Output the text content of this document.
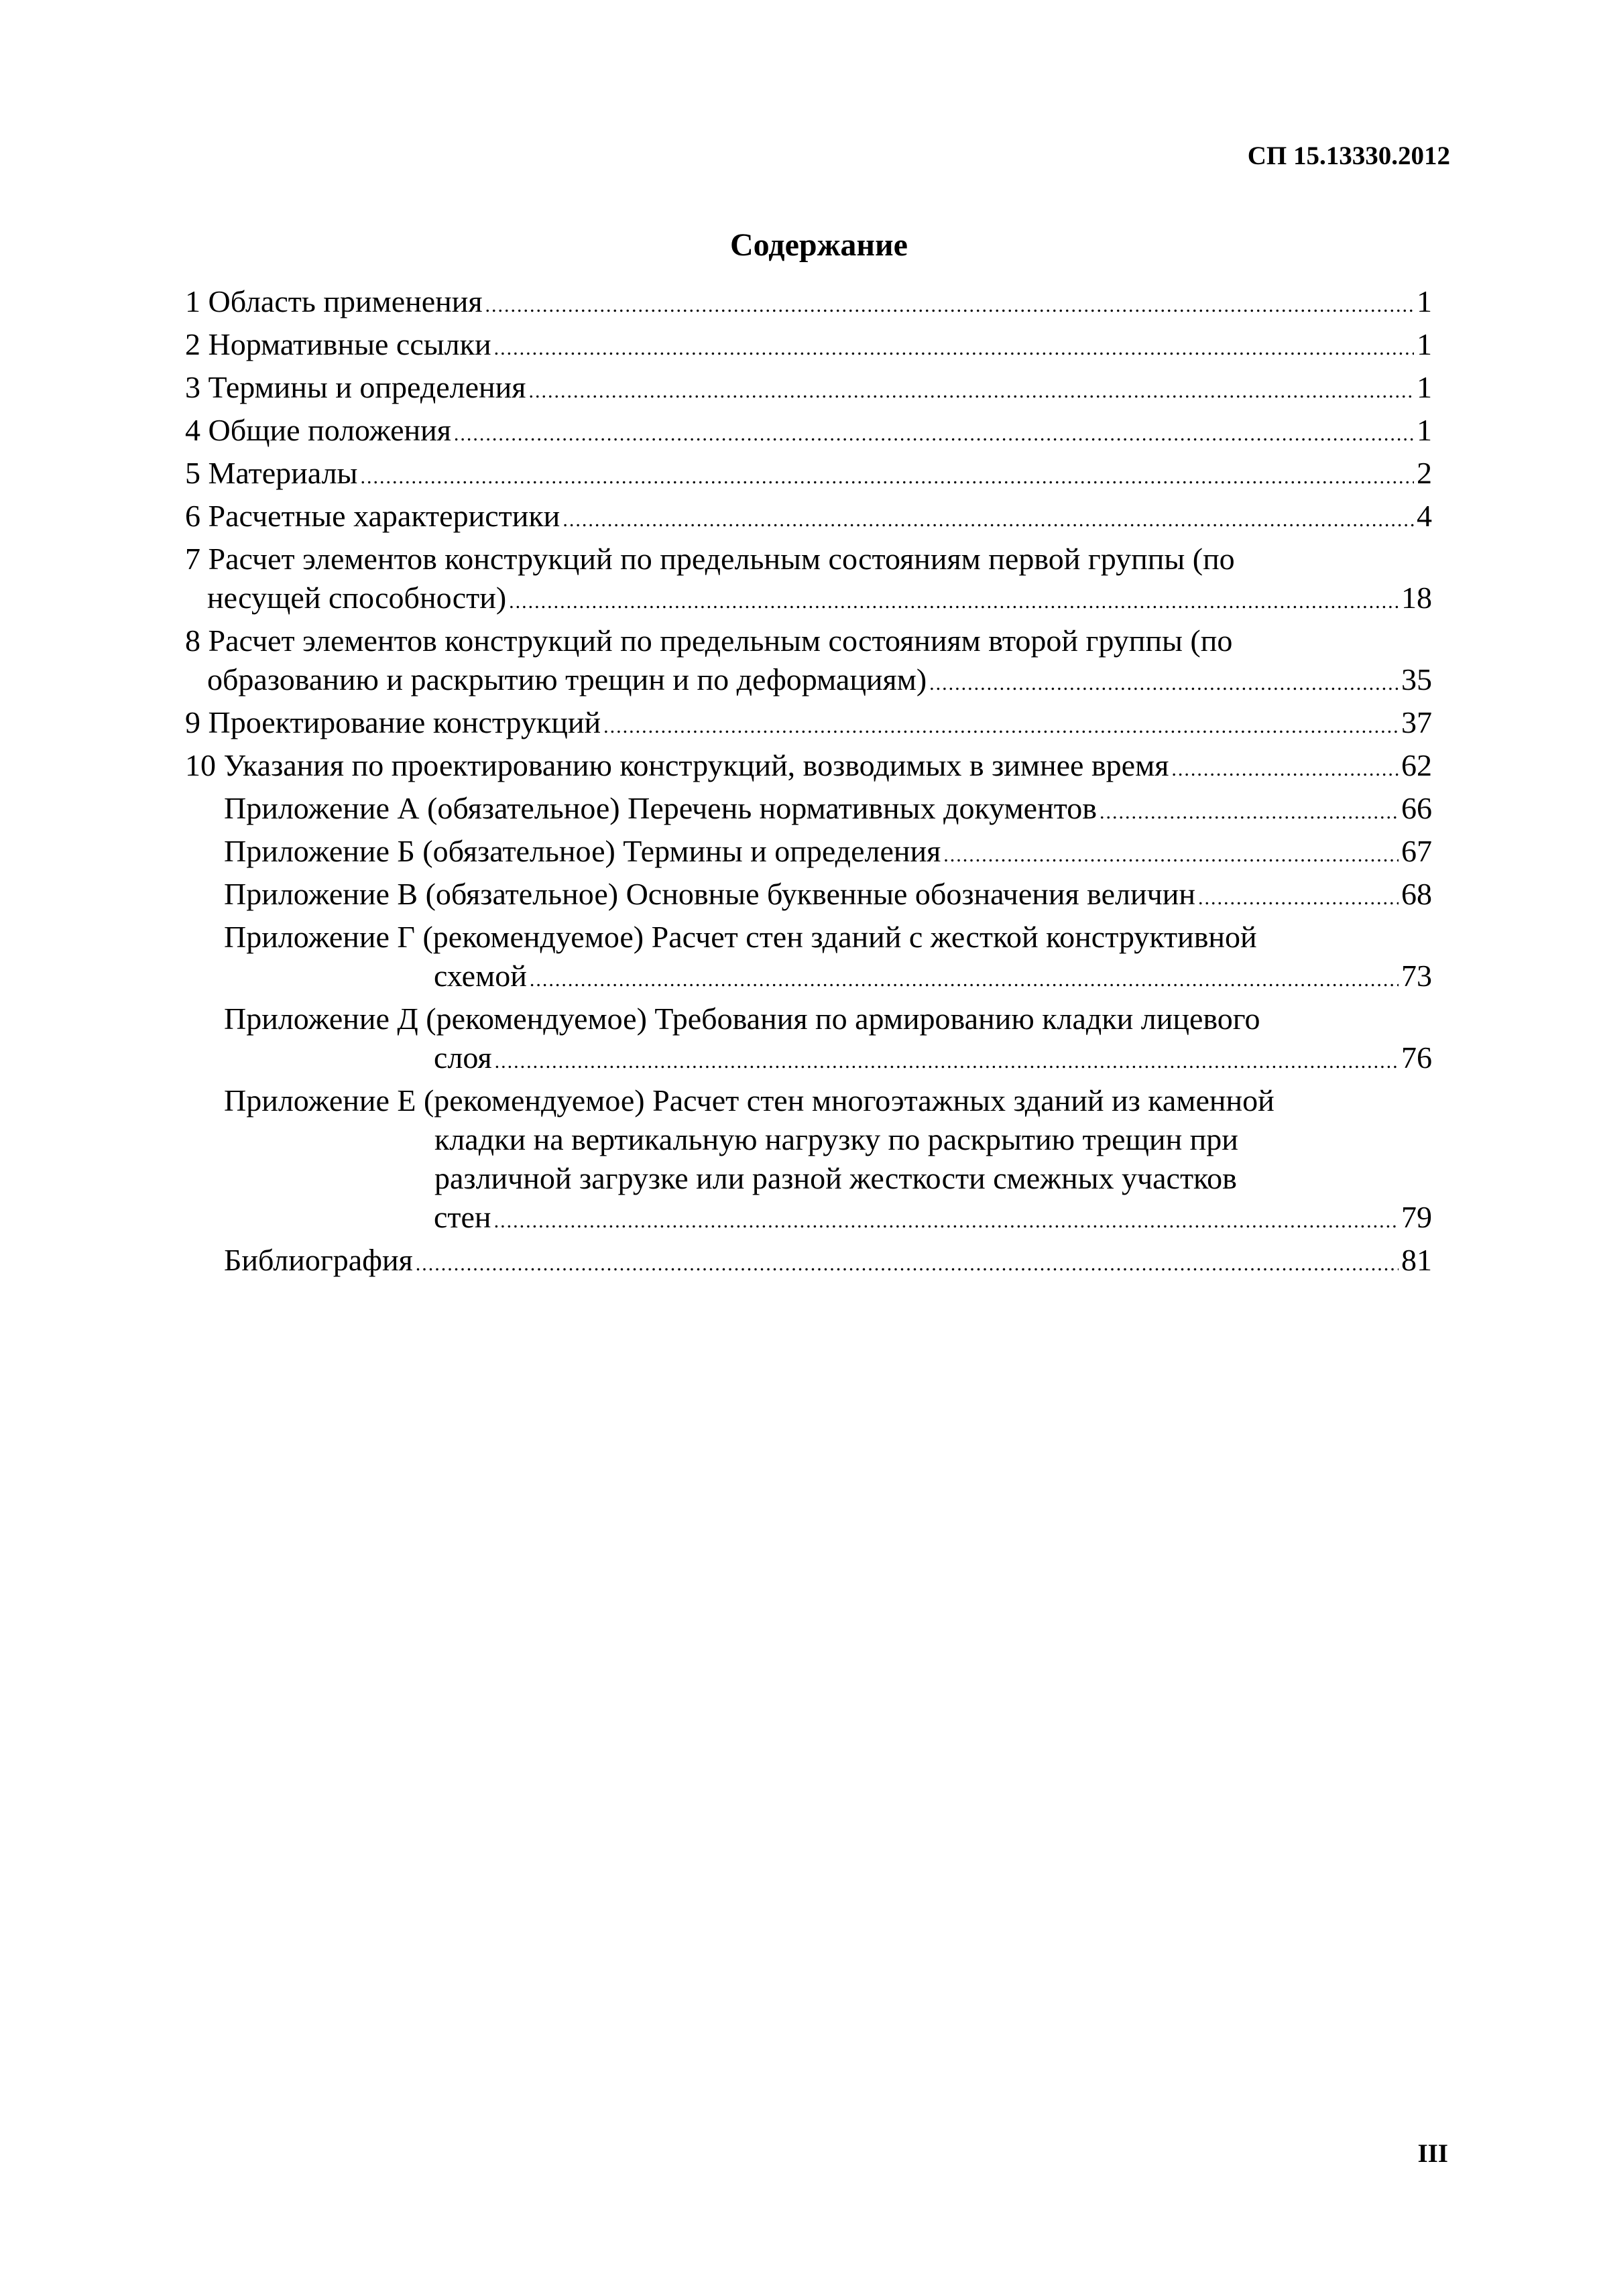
СП 15.13330.2012
Содержание
1 Область применения .....	1
2 Нормативные ссылки .....	1
3 Термины и определения .....	1
4 Общие положения .....	1
5 Материалы .....	2
6 Расчетные характеристики .....	4
7 Расчет элементов конструкций по предельным состояниям первой группы (по
несущей способности) .....	18
8 Расчет элементов конструкций по предельным состояниям второй группы (по
образованию и раскрытию трещин и по деформациям) .....	35
9 Проектирование конструкций .....	37
10 Указания по проектированию конструкций, возводимых в зимнее время .....	62
Приложение А (обязательное) Перечень нормативных документов .....	66
Приложение Б (обязательное) Термины и определения .....	67
Приложение В (обязательное) Основные буквенные обозначения величин .....	68
Приложение Г (рекомендуемое) Расчет стен зданий с жесткой конструктивной
схемой .....	73
Приложение Д (рекомендуемое) Требования по армированию кладки лицевого
слоя .....	76
Приложение Е (рекомендуемое) Расчет стен многоэтажных зданий из каменной
кладки на вертикальную нагрузку по раскрытию трещин при
различной загрузке или разной жесткости смежных участков
стен .....	79
Библиография .....	81
III
